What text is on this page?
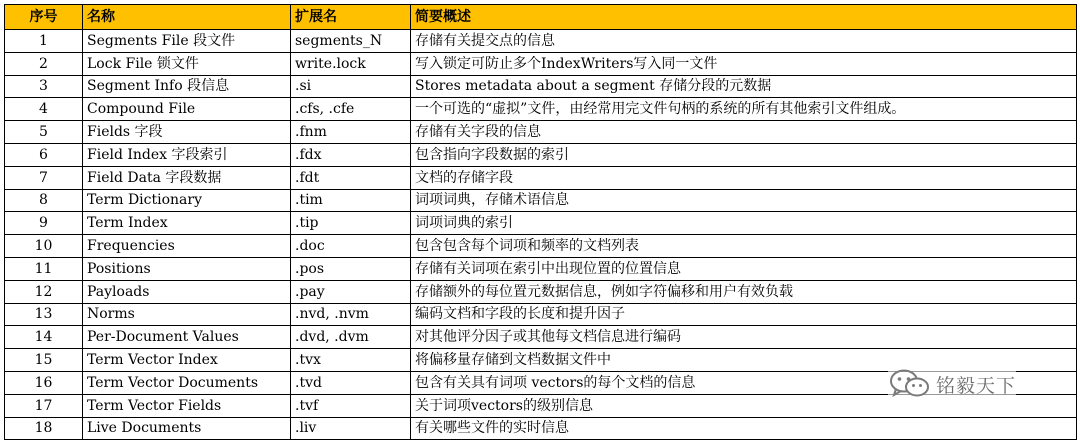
序号	名称	扩展名	简要概述
1	Segments File 段文件	segments_N	存储有关提交点的信息
2	Lock File 锁文件	write.lock	写入锁定可防止多个IndexWriters写入同一文件
3	Segment Info 段信息	.si	Stores metadata about a segment 存储分段的元数据
4	Compound File	.cfs, .cfe	一个可选的“虚拟”文件，由经常用完文件句柄的系统的所有其他索引文件组成。
5	Fields 字段	.fnm	存储有关字段的信息
6	Field Index 字段索引	.fdx	包含指向字段数据的索引
7	Field Data 字段数据	.fdt	文档的存储字段
8	Term Dictionary	.tim	词项词典，存储术语信息
9	Term Index	.tip	词项词典的索引
10	Frequencies	.doc	包含包含每个词项和频率的文档列表
11	Positions	.pos	存储有关词项在索引中出现位置的位置信息
12	Payloads	.pay	存储额外的每位置元数据信息，例如字符偏移和用户有效负载
13	Norms	.nvd, .nvm	编码文档和字段的长度和提升因子
14	Per-Document Values	.dvd, .dvm	对其他评分因子或其他每文档信息进行编码
15	Term Vector Index	.tvx	将偏移量存储到文档数据文件中
16	Term Vector Documents	.tvd	包含有关具有词项 vectors的每个文档的信息
17	Term Vector Fields	.tvf	关于词项vectors的级别信息
18	Live Documents	.liv	有关哪些文件的实时信息
铭毅天下
